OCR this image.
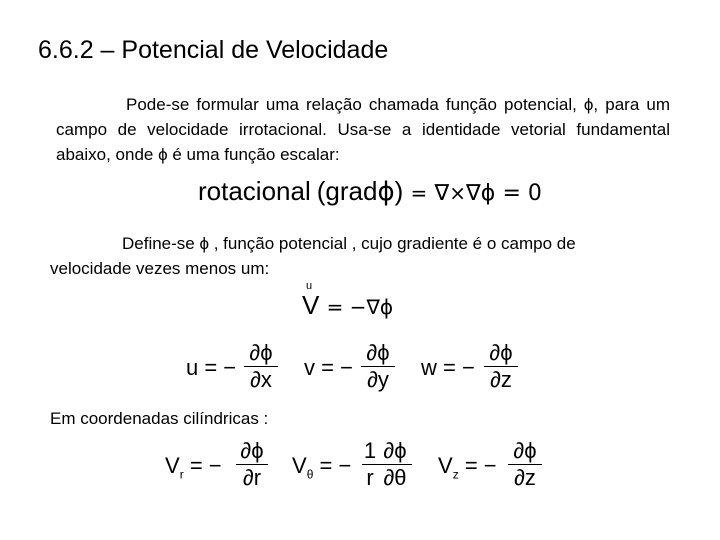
6.6.2 – Potencial de Velocidade
Pode-se formular uma relação chamada função potencial, ϕ, para um campo de velocidade irrotacional. Usa-se a identidade vetorial fundamental abaixo, onde ϕ é uma função escalar:
rotacional (gradϕ) = ∇×∇ϕ = 0
Define-se ϕ , função potencial , cujo gradiente é o campo de velocidade vezes menos um:
u
V = −∇ϕ
u = −
∂ϕ
∂x v = −
∂ϕ
∂y w = −
∂ϕ
∂z
Em coordenadas cilíndricas :
$V_r$ = −
∂ϕ
∂r	$V_\theta$ = −
1
r
∂ϕ
∂θ $V_z$ = −
∂ϕ
∂z
